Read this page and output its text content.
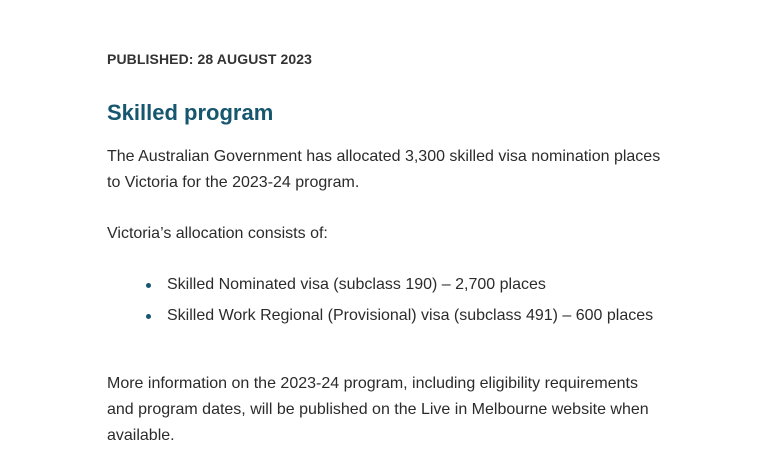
PUBLISHED: 28 AUGUST 2023

Skilled program

The Australian Government has allocated 3,300 skilled visa nomination places to Victoria for the 2023-24 program.

Victoria’s allocation consists of:

Skilled Nominated visa (subclass 190) – 2,700 places
Skilled Work Regional (Provisional) visa (subclass 491) – 600 places

More information on the 2023-24 program, including eligibility requirements and program dates, will be published on the Live in Melbourne website when available.
